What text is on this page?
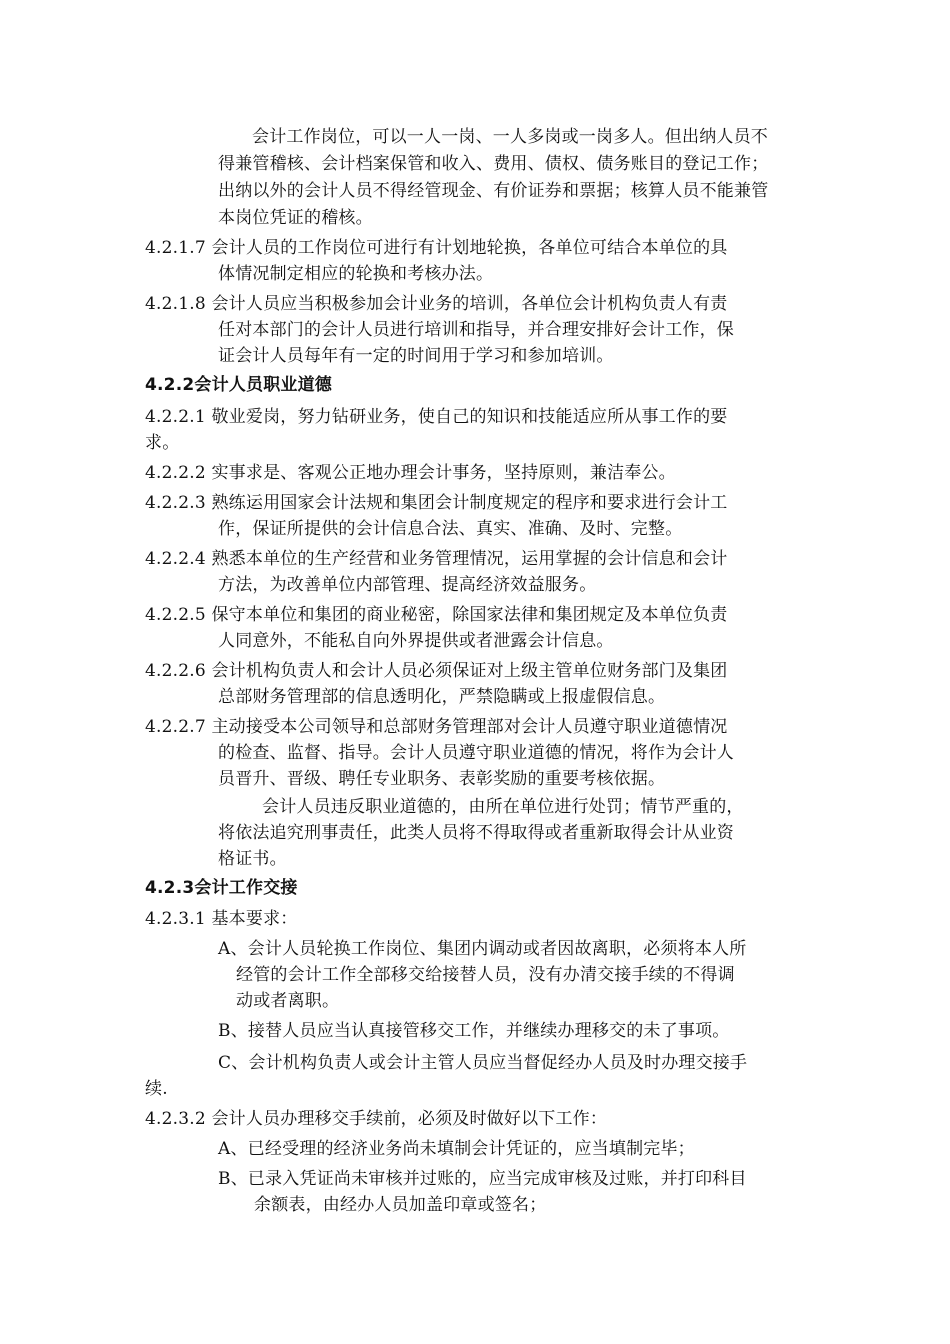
会计工作岗位，可以一人一岗、一人多岗或一岗多人。但出纳人员不
得兼管稽核、会计档案保管和收入、费用、债权、债务账目的登记工作；
出纳以外的会计人员不得经管现金、有价证券和票据；核算人员不能兼管
本岗位凭证的稽核。
4.2.1.7 会计人员的工作岗位可进行有计划地轮换，各单位可结合本单位的具
体情况制定相应的轮换和考核办法。
4.2.1.8 会计人员应当积极参加会计业务的培训，各单位会计机构负责人有责
任对本部门的会计人员进行培训和指导，并合理安排好会计工作，保
证会计人员每年有一定的时间用于学习和参加培训。
4.2.2会计人员职业道德
4.2.2.1 敬业爱岗，努力钻研业务，使自己的知识和技能适应所从事工作的要
求。
4.2.2.2 实事求是、客观公正地办理会计事务，坚持原则，兼洁奉公。
4.2.2.3 熟练运用国家会计法规和集团会计制度规定的程序和要求进行会计工
作，保证所提供的会计信息合法、真实、准确、及时、完整。
4.2.2.4 熟悉本单位的生产经营和业务管理情况，运用掌握的会计信息和会计
方法，为改善单位内部管理、提高经济效益服务。
4.2.2.5 保守本单位和集团的商业秘密，除国家法律和集团规定及本单位负责
人同意外，不能私自向外界提供或者泄露会计信息。
4.2.2.6 会计机构负责人和会计人员必须保证对上级主管单位财务部门及集团
总部财务管理部的信息透明化，严禁隐瞒或上报虚假信息。
4.2.2.7 主动接受本公司领导和总部财务管理部对会计人员遵守职业道德情况
的检查、监督、指导。会计人员遵守职业道德的情况，将作为会计人
员晋升、晋级、聘任专业职务、表彰奖励的重要考核依据。
会计人员违反职业道德的，由所在单位进行处罚；情节严重的，
将依法追究刑事责任，此类人员将不得取得或者重新取得会计从业资
格证书。
4.2.3会计工作交接
4.2.3.1 基本要求：
A、会计人员轮换工作岗位、集团内调动或者因故离职，必须将本人所
经管的会计工作全部移交给接替人员，没有办清交接手续的不得调
动或者离职。
B、接替人员应当认真接管移交工作，并继续办理移交的未了事项。
C、会计机构负责人或会计主管人员应当督促经办人员及时办理交接手
续.
4.2.3.2 会计人员办理移交手续前，必须及时做好以下工作：
A、已经受理的经济业务尚未填制会计凭证的，应当填制完毕；
B、已录入凭证尚未审核并过账的，应当完成审核及过账，并打印科目
余额表，由经办人员加盖印章或签名；
